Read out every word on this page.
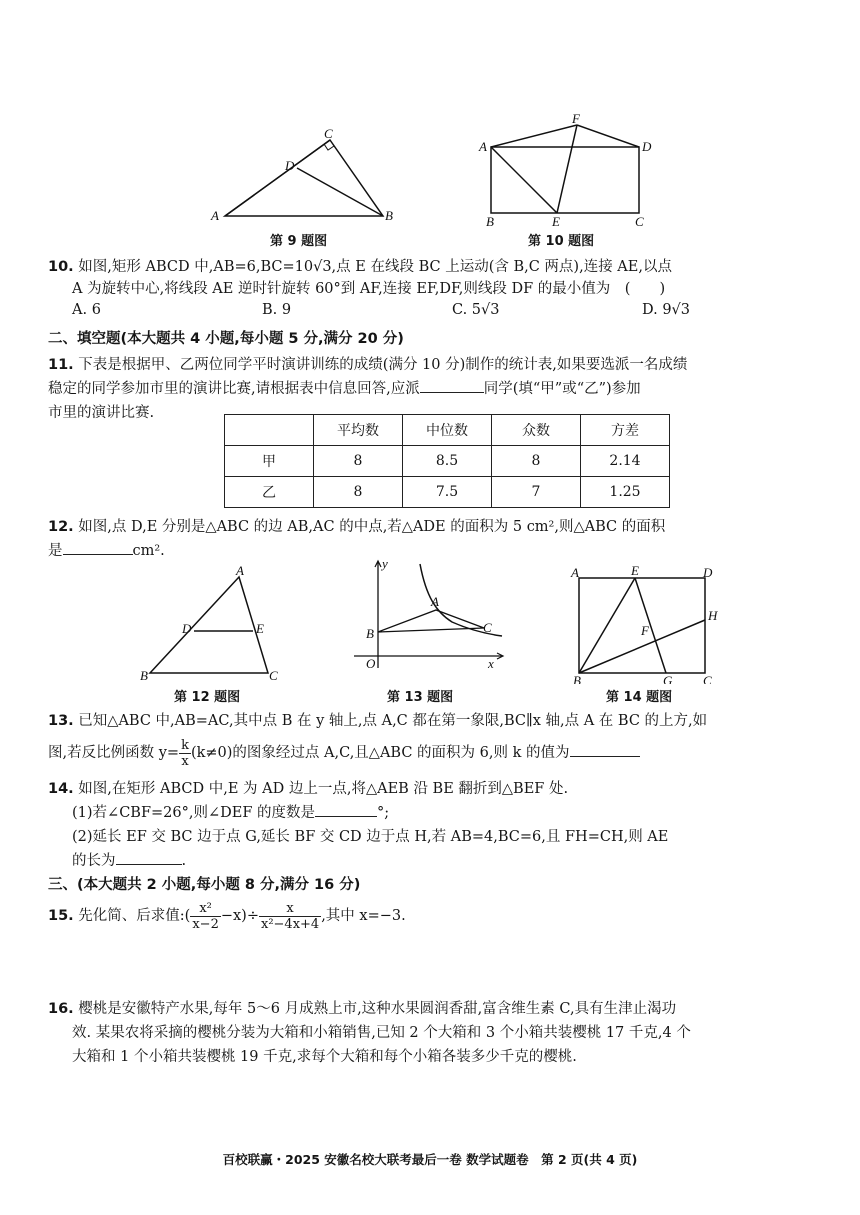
C
D
A	B
第 9 题图
F
A	D
B	E	C
第 10 题图
10. 如图,矩形 ABCD 中,AB=6,BC=10√3,点 E 在线段 BC 上运动(含 B,C 两点),连接 AE,以点
A 为旋转中心,将线段 AE 逆时针旋转 60°到 AF,连接 EF,DF,则线段 DF 的最小值为　(　　)
A. 6	B. 9	C. 5√3	D. 9√3
二、填空题(本大题共 4 小题,每小题 5 分,满分 20 分)
11. 下表是根据甲、乙两位同学平时演讲训练的成绩(满分 10 分)制作的统计表,如果要选派一名成绩
稳定的同学参加市里的演讲比赛,请根据表中信息回答,应派	同学(填“甲”或“乙”)参加
市里的演讲比赛.
	平均数	中位数	众数	方差
甲	8	8.5	8	2.14
乙	8	7.5	7	1.25
12. 如图,点 D,E 分别是△ABC 的边 AB,AC 的中点,若△ADE 的面积为 5 cm²,则△ABC 的面积
是	cm².
A
D	E
B	C
第 12 题图
y
A
B	C
O	x
第 13 题图
A	E	D
H
F
B	G C
第 14 题图
13. 已知△ABC 中,AB=AC,其中点 B 在 y 轴上,点 A,C 都在第一象限,BC∥x 轴,点 A 在 BC 的上方,如
图,若反比例函数 $y= \frac{k}{x} (k\ne 0)$的图象经过点 A,C,且△ABC 的面积为 6,则 k 的值为
14. 如图,在矩形 ABCD 中,E 为 AD 边上一点,将△AEB 沿 BE 翻折到△BEF 处.
(1)若∠CBF=26°,则∠DEF 的度数是	°;
(2)延长 EF 交 BC 边于点 G,延长 BF 交 CD 边于点 H,若 AB=4,BC=6,且 FH=CH,则 AE
的长为	.
三、(本大题共 2 小题,每小题 8 分,满分 16 分)
15. 先化简、后求值:( $\frac{\text{x²}}{x-2} -x)\div \frac{x}{\text{x²−4x+4}}$ ,其中 x=−3.
16. 樱桃是安徽特产水果,每年 5～6 月成熟上市,这种水果圆润香甜,富含维生素 C,具有生津止渴功
效. 某果农将采摘的樱桃分装为大箱和小箱销售,已知 2 个大箱和 3 个小箱共装樱桃 17 千克,4 个
大箱和 1 个小箱共装樱桃 19 千克,求每个大箱和每个小箱各装多少千克的樱桃.
百校联赢・2025 安徽名校大联考最后一卷 数学试题卷　第 2 页(共 4 页)
